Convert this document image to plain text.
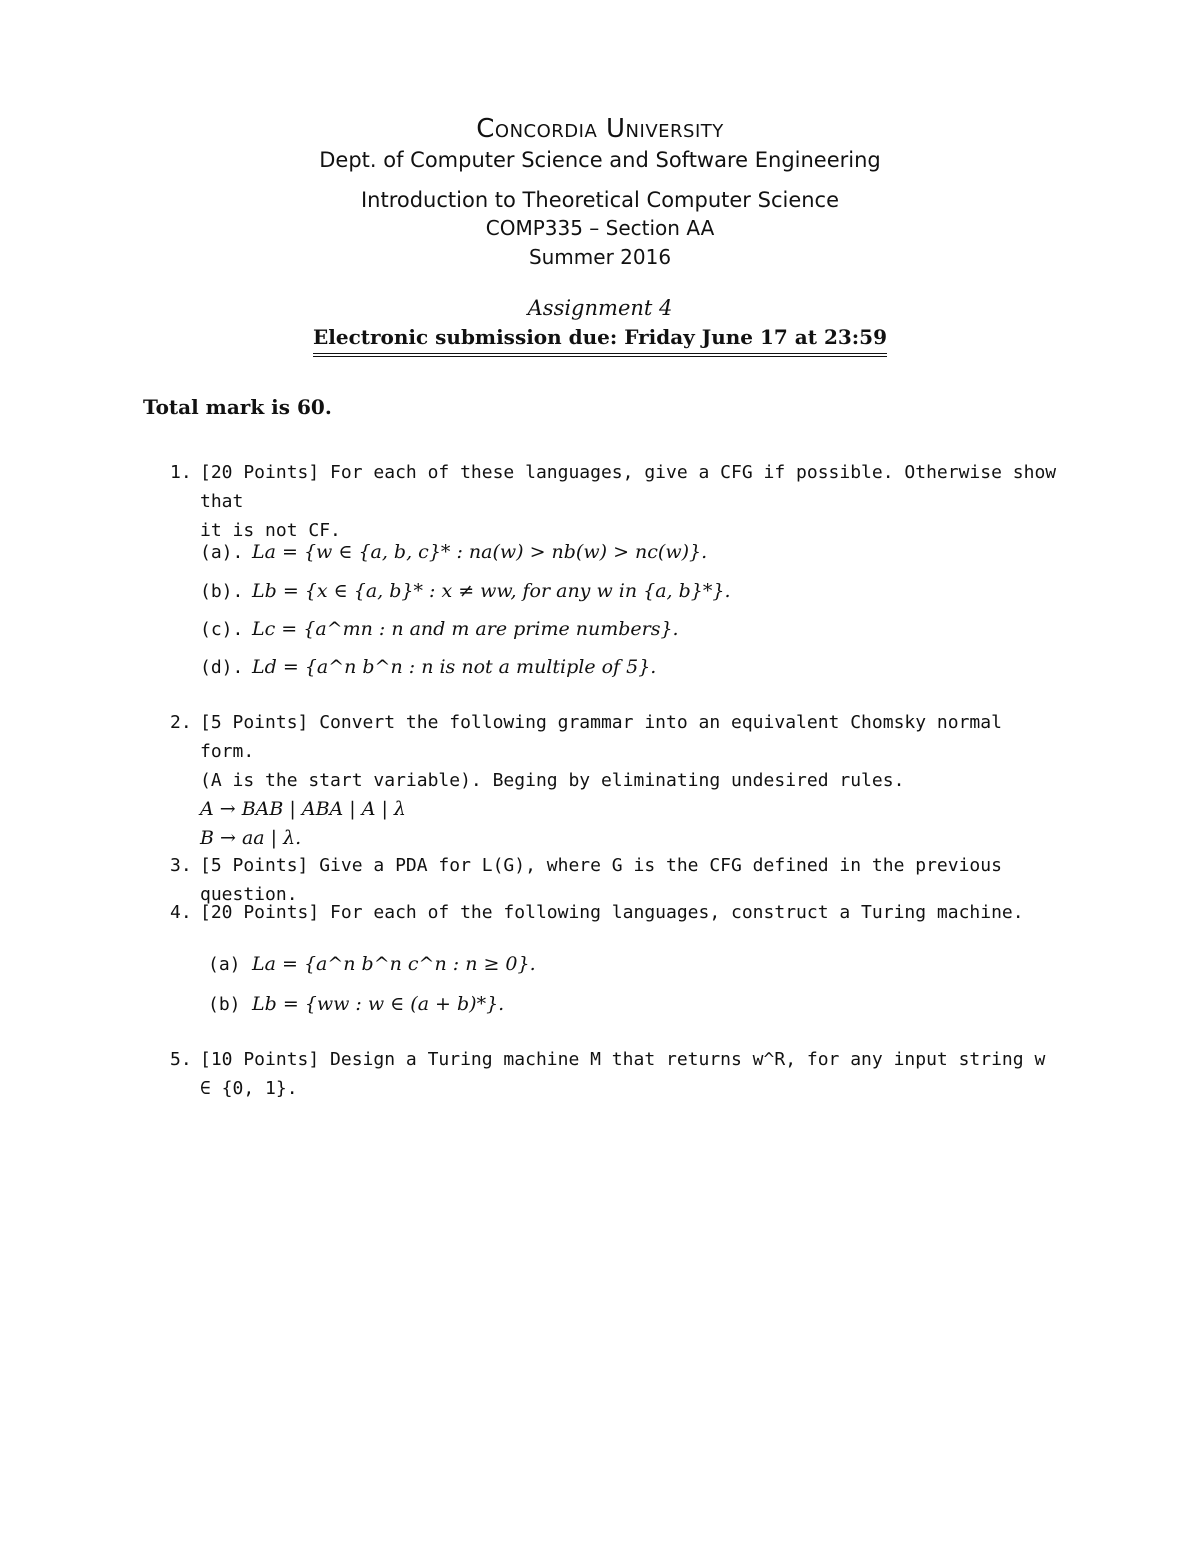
Concordia University
Dept. of Computer Science and Software Engineering
Introduction to Theoretical Computer Science
COMP335 – Section AA
Summer 2016
Assignment 4
Electronic submission due: Friday June 17 at 23:59
Total mark is 60.
1. [20 Points] For each of these languages, give a CFG if possible. Otherwise show that
it is not CF.
(a). La = {w ∈ {a, b, c}* : na(w) > nb(w) > nc(w)}.
(b). Lb = {x ∈ {a, b}* : x ≠ ww, for any w in {a, b}*}.
(c). Lc = {a^mn : n and m are prime numbers}.
(d). Ld = {a^n b^n : n is not a multiple of 5}.
2. [5 Points] Convert the following grammar into an equivalent Chomsky normal form.
(A is the start variable). Beging by eliminating undesired rules.
A → BAB | ABA | A | λ
B → aa | λ.
3. [5 Points] Give a PDA for L(G), where G is the CFG defined in the previous question.
4. [20 Points] For each of the following languages, construct a Turing machine.
(a) La = {a^n b^n c^n : n ≥ 0}.
(b) Lb = {ww : w ∈ (a + b)*}.
5. [10 Points] Design a Turing machine M that returns w^R, for any input string w ∈ {0, 1}.
